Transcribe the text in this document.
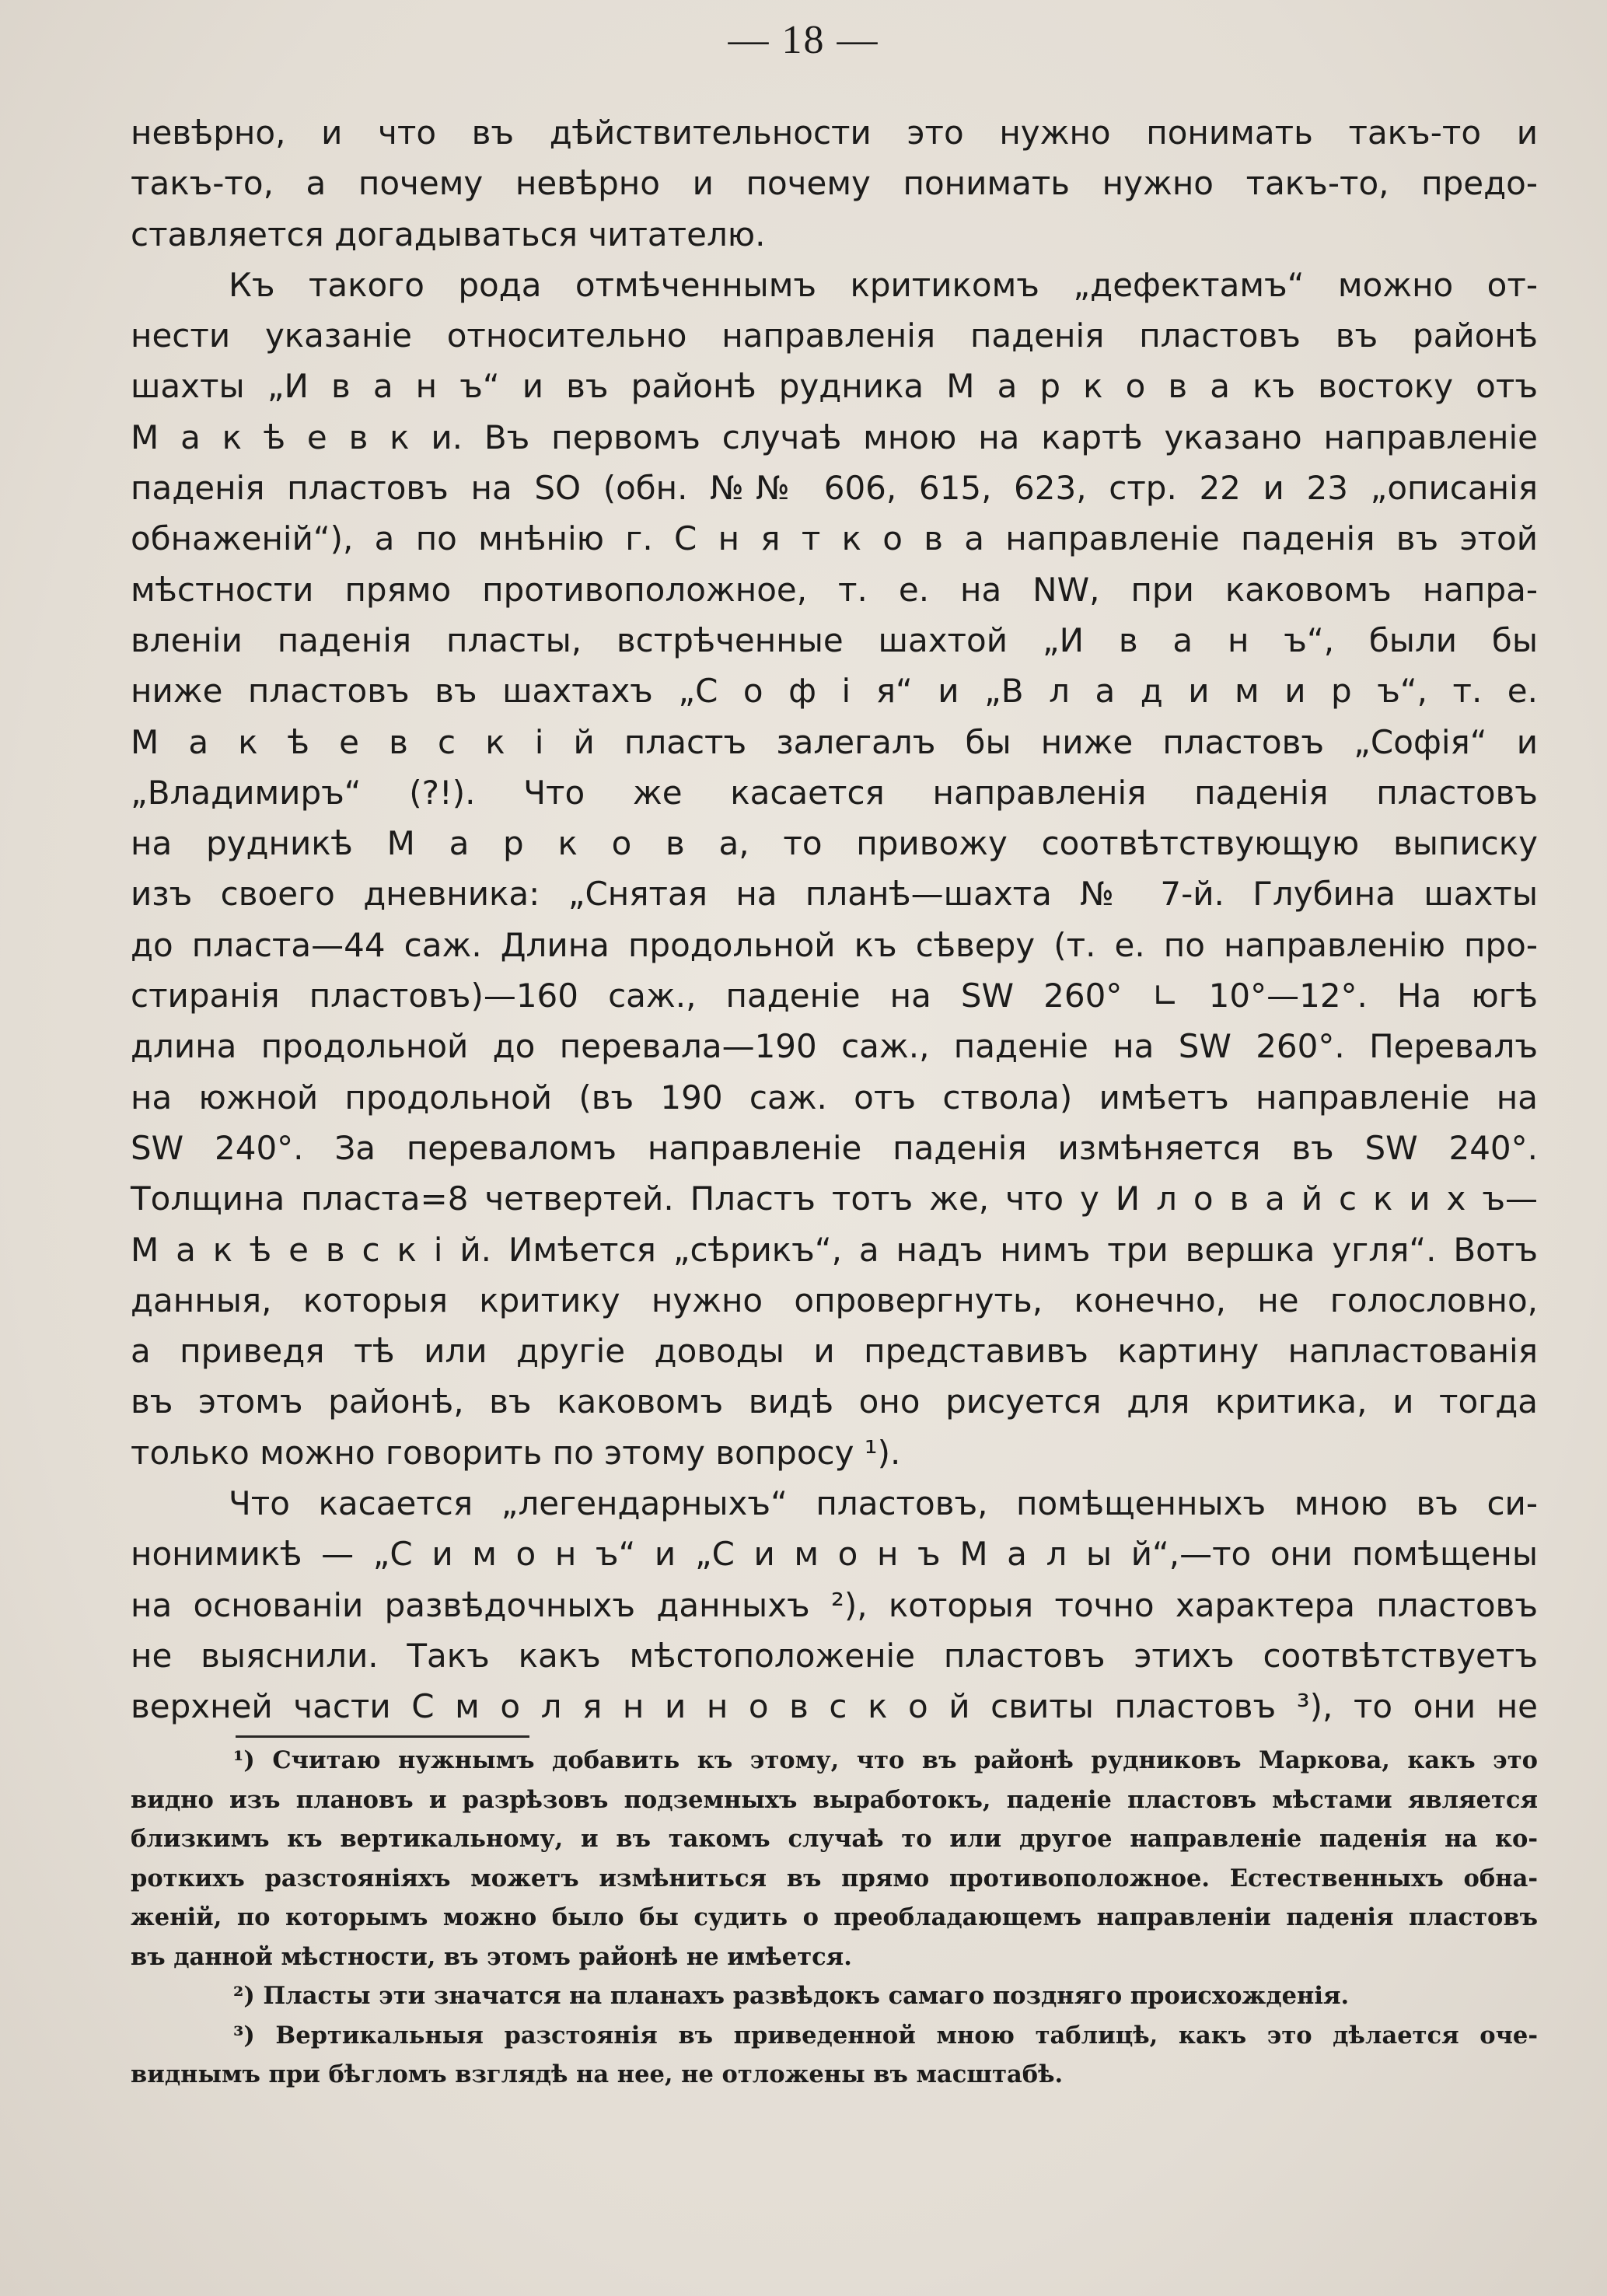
— 18 —
невѣрно, и что въ дѣйствительности это нужно понимать такъ-то и
такъ-то, а почему невѣрно и почему понимать нужно такъ-то, предо-
ставляется догадываться читателю.
Къ такого рода отмѣченнымъ критикомъ „дефектамъ“ можно от-
нести указаніе относительно направленія паденія пластовъ въ районѣ
шахты „И в а н ъ“ и въ районѣ рудника М а р к о в а къ востоку отъ
М а к ѣ е в к и. Въ первомъ случаѣ мною на картѣ указано направленіе
паденія пластовъ на SO (обн. №№ 606, 615, 623, стр. 22 и 23 „описанія
обнаженій“), а по мнѣнію г. С н я т к о в а направленіе паденія въ этой
мѣстности прямо противоположное, т. е. на NW, при каковомъ напра-
вленіи паденія пласты, встрѣченные шахтой „И в а н ъ“, были бы
ниже пластовъ въ шахтахъ „С о ф і я“ и „В л а д и м и р ъ“, т. е.
М а к ѣ е в с к і й пластъ залегалъ бы ниже пластовъ „Софія“ и
„Владимиръ“ (?!). Что же касается направленія паденія пластовъ
на рудникѣ М а р к о в а, то привожу соотвѣтствующую выписку
изъ своего дневника: „Снятая на планѣ—шахта № 7-й. Глубина шахты
до пласта—44 саж. Длина продольной къ сѣверу (т. е. по направленію про-
стиранія пластовъ)—160 саж., паденіе на SW 260° ∟ 10°—12°. На югѣ
длина продольной до перевала—190 саж., паденіе на SW 260°. Перевалъ
на южной продольной (въ 190 саж. отъ ствола) имѣетъ направленіе на
SW 240°. За переваломъ направленіе паденія измѣняется въ SW 240°.
Толщина пласта=8 четвертей. Пластъ тотъ же, что у И л о в а й с к и х ъ—
М а к ѣ е в с к і й. Имѣется „сѣрикъ“, а надъ нимъ три вершка угля“. Вотъ
данныя, которыя критику нужно опровергнуть, конечно, не голословно,
а приведя тѣ или другіе доводы и представивъ картину напластованія
въ этомъ районѣ, въ каковомъ видѣ оно рисуется для критика, и тогда
только можно говорить по этому вопросу ¹).
Что касается „легендарныхъ“ пластовъ, помѣщенныхъ мною въ си-
нонимикѣ — „С и м о н ъ“ и „С и м о н ъ М а л ы й“,—то они помѣщены
на основаніи развѣдочныхъ данныхъ ²), которыя точно характера пластовъ
не выяснили. Такъ какъ мѣстоположеніе пластовъ этихъ соотвѣтствуетъ
верхней части С м о л я н и н о в с к о й свиты пластовъ ³), то они не
¹) Считаю нужнымъ добавить къ этому, что въ районѣ рудниковъ Маркова, какъ это
видно изъ плановъ и разрѣзовъ подземныхъ выработокъ, паденіе пластовъ мѣстами является
близкимъ къ вертикальному, и въ такомъ случаѣ то или другое направленіе паденія на ко-
роткихъ разстояніяхъ можетъ измѣниться въ прямо противоположное. Естественныхъ обна-
женій, по которымъ можно было бы судить о преобладающемъ направленіи паденія пластовъ
въ данной мѣстности, въ этомъ районѣ не имѣется.
²) Пласты эти значатся на планахъ развѣдокъ самаго поздняго происхожденія.
³) Вертикальныя разстоянія въ приведенной мною таблицѣ, какъ это дѣлается оче-
виднымъ при бѣгломъ взглядѣ на нее, не отложены въ масштабѣ.
